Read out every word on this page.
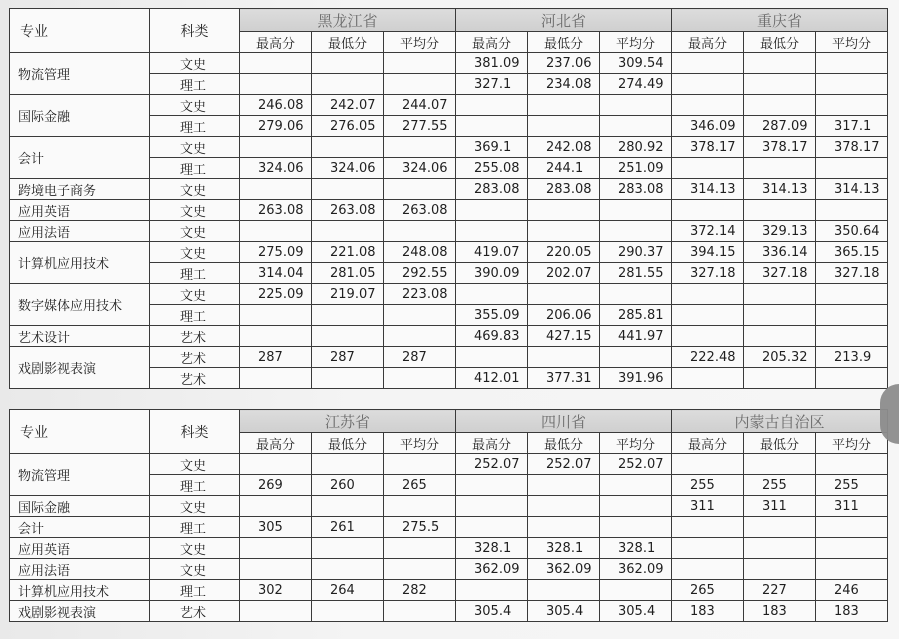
专业	科类	黑龙江省			河北省			重庆省		
		最高分	最低分	平均分	最高分	最低分	平均分	最高分	最低分	平均分
物流管理	文史				381.09	237.06	309.54			
	理工				327.1	234.08	274.49			
国际金融	文史	246.08	242.07	244.07						
	理工	279.06	276.05	277.55				346.09	287.09	317.1
会计	文史				369.1	242.08	280.92	378.17	378.17	378.17
	理工	324.06	324.06	324.06	255.08	244.1	251.09			
跨境电子商务	文史				283.08	283.08	283.08	314.13	314.13	314.13
应用英语	文史	263.08	263.08	263.08						
应用法语	文史							372.14	329.13	350.64
计算机应用技术	文史	275.09	221.08	248.08	419.07	220.05	290.37	394.15	336.14	365.15
	理工	314.04	281.05	292.55	390.09	202.07	281.55	327.18	327.18	327.18
数字媒体应用技术	文史	225.09	219.07	223.08						
	理工				355.09	206.06	285.81			
艺术设计	艺术				469.83	427.15	441.97			
戏剧影视表演	艺术	287	287	287				222.48	205.32	213.9
	艺术				412.01	377.31	391.96			
专业	科类	江苏省			四川省			内蒙古自治区		
		最高分	最低分	平均分	最高分	最低分	平均分	最高分	最低分	平均分
物流管理	文史				252.07	252.07	252.07			
	理工	269	260	265				255	255	255
国际金融	文史							311	311	311
会计	理工	305	261	275.5						
应用英语	文史				328.1	328.1	328.1			
应用法语	文史				362.09	362.09	362.09			
计算机应用技术	理工	302	264	282				265	227	246
戏剧影视表演	艺术				305.4	305.4	305.4	183	183	183
